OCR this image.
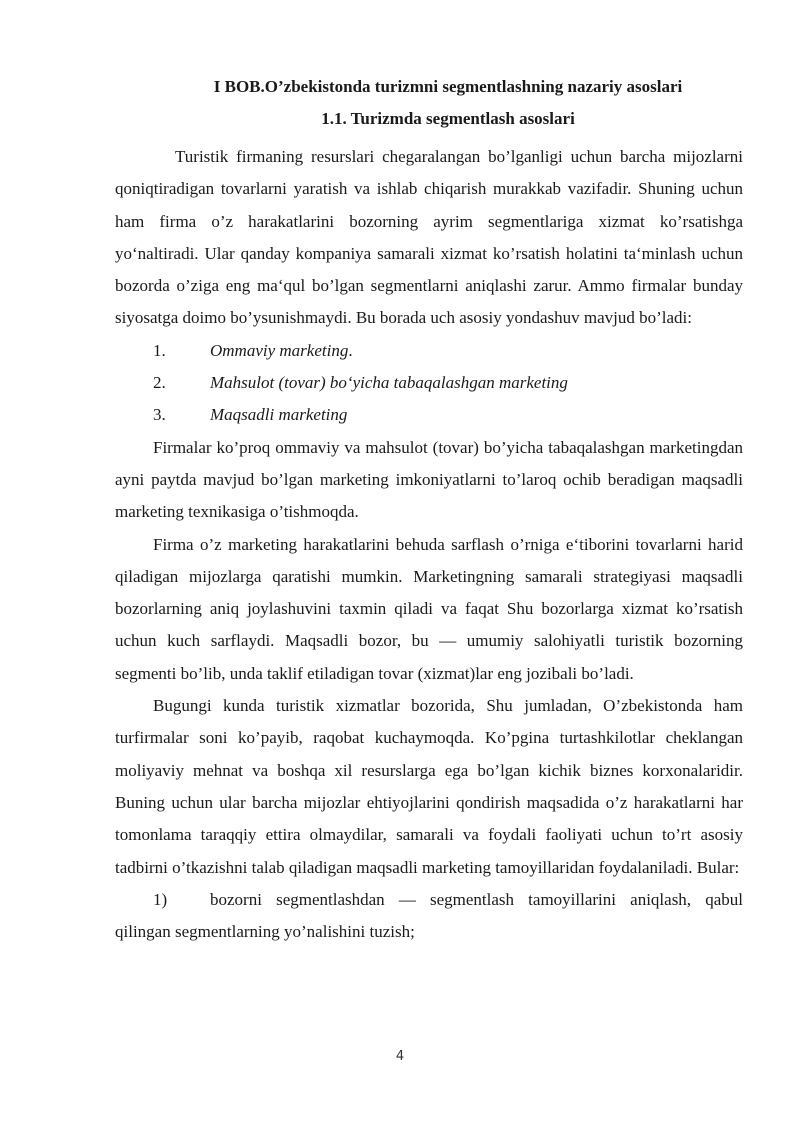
I BOB.O’zbekistonda turizmni segmentlashning nazariy asoslari
1.1. Turizmda segmentlash asoslari

Turistik firmaning resurslari chegaralangan bo’lganligi uchun barcha mijozlarni qoniqtiradigan tovarlarni yaratish va ishlab chiqarish murakkab vazifadir. Shuning uchun ham firma o’z harakatlarini bozorning ayrim segmentlariga xizmat ko’rsatishga yo‘naltiradi. Ular qanday kompaniya samarali xizmat ko’rsatish holatini ta‘minlash uchun bozorda o’ziga eng ma‘qul bo’lgan segmentlarni aniqlashi zarur. Ammo firmalar bunday siyosatga doimo bo’ysunishmaydi. Bu borada uch asosiy yondashuv mavjud bo’ladi:

1.	Ommaviy marketing.

2.	Mahsulot (tovar) bo‘yicha tabaqalashgan marketing

3.	Maqsadli marketing

Firmalar ko’proq ommaviy va mahsulot (tovar) bo’yicha tabaqalashgan marketingdan ayni paytda mavjud bo’lgan marketing imkoniyatlarni to’laroq ochib beradigan maqsadli marketing texnikasiga o’tishmoqda.

Firma o’z marketing harakatlarini behuda sarflash o’rniga e‘tiborini tovarlarni harid qiladigan mijozlarga qaratishi mumkin. Marketingning samarali strategiyasi maqsadli bozorlarning aniq joylashuvini taxmin qiladi va faqat Shu bozorlarga xizmat ko’rsatish uchun kuch sarflaydi. Maqsadli bozor, bu — umumiy salohiyatli turistik bozorning segmenti bo’lib, unda taklif etiladigan tovar (xizmat)lar eng jozibali bo’ladi.

Bugungi kunda turistik xizmatlar bozorida, Shu jumladan, O’zbekistonda ham turfirmalar soni ko’payib, raqobat kuchaymoqda. Ko’pgina turtashkilotlar cheklangan moliyaviy mehnat va boshqa xil resurslarga ega bo’lgan kichik biznes korxonalaridir. Buning uchun ular barcha mijozlar ehtiyojlarini qondirish maqsadida o’z harakatlarni har tomonlama taraqqiy ettira olmaydilar, samarali va foydali faoliyati uchun to’rt asosiy tadbirni o’tkazishni talab qiladigan maqsadli marketing tamoyillaridan foydalaniladi. Bular:

1)	bozorni segmentlashdan — segmentlash tamoyillarini aniqlash, qabul qilingan segmentlarning yo’nalishini tuzish;

4
